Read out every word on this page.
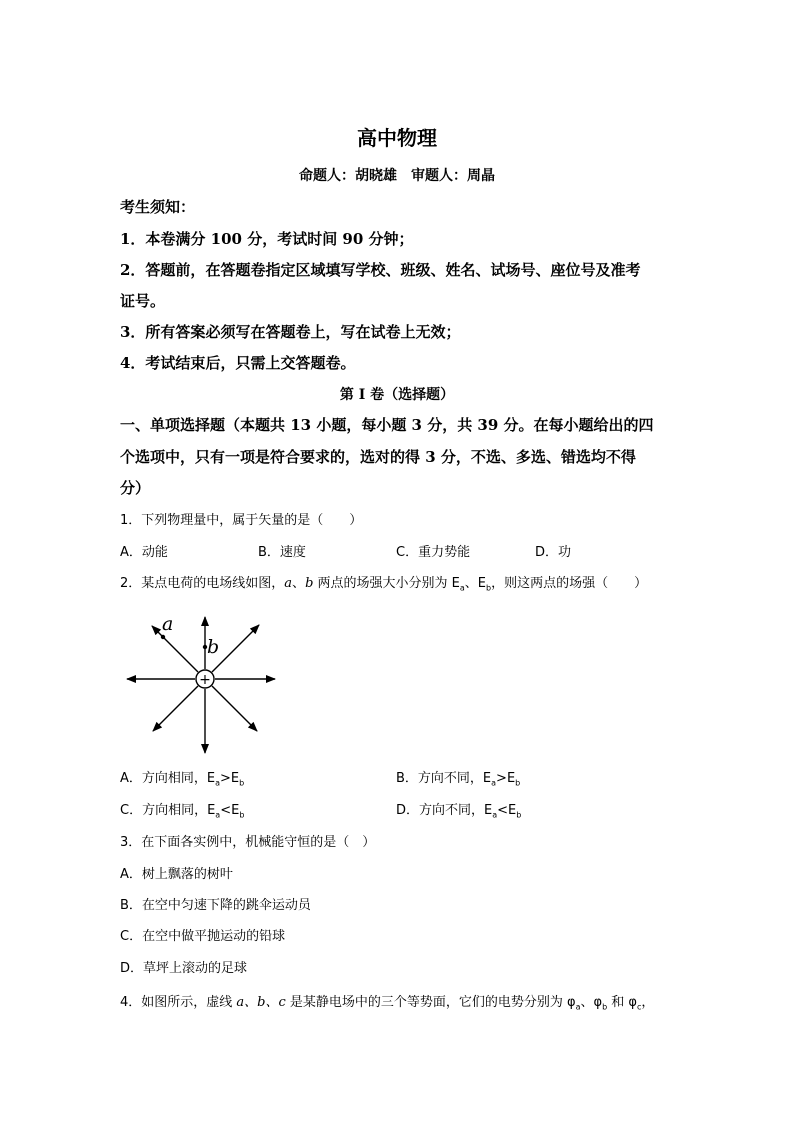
高中物理
命题人：胡晓雄　审题人：周晶
考生须知：
1．本卷满分 100 分，考试时间 90 分钟；
2．答题前，在答题卷指定区域填写学校、班级、姓名、试场号、座位号及准考
证号。
3．所有答案必须写在答题卷上，写在试卷上无效；
4．考试结束后，只需上交答题卷。
第 I 卷（选择题）
一、单项选择题（本题共 13 小题，每小题 3 分，共 39 分。在每小题给出的四
个选项中，只有一项是符合要求的，选对的得 3 分，不选、多选、错选均不得
分）
1．下列物理量中，属于矢量的是（　　）
A．动能	B．速度	C．重力势能	D．功
2．某点电荷的电场线如图，a、b 两点的场强大小分别为 $E_a$、$E_b$，则这两点的场强（　　）
+
a
b
A．方向相同，$E_a>E_b$	B．方向不同，$E_a>E_b$
C．方向相同，$E_a<E_b$	D．方向不同，$E_a<E_b$
3．在下面各实例中，机械能守恒的是（　）
A．树上飘落的树叶
B．在空中匀速下降的跳伞运动员
C．在空中做平抛运动的铅球
D．草坪上滚动的足球
4．如图所示，虚线 a、b、c 是某静电场中的三个等势面，它们的电势分别为 $\varphi_a$、$\varphi_b$ 和 $\varphi_c$，
